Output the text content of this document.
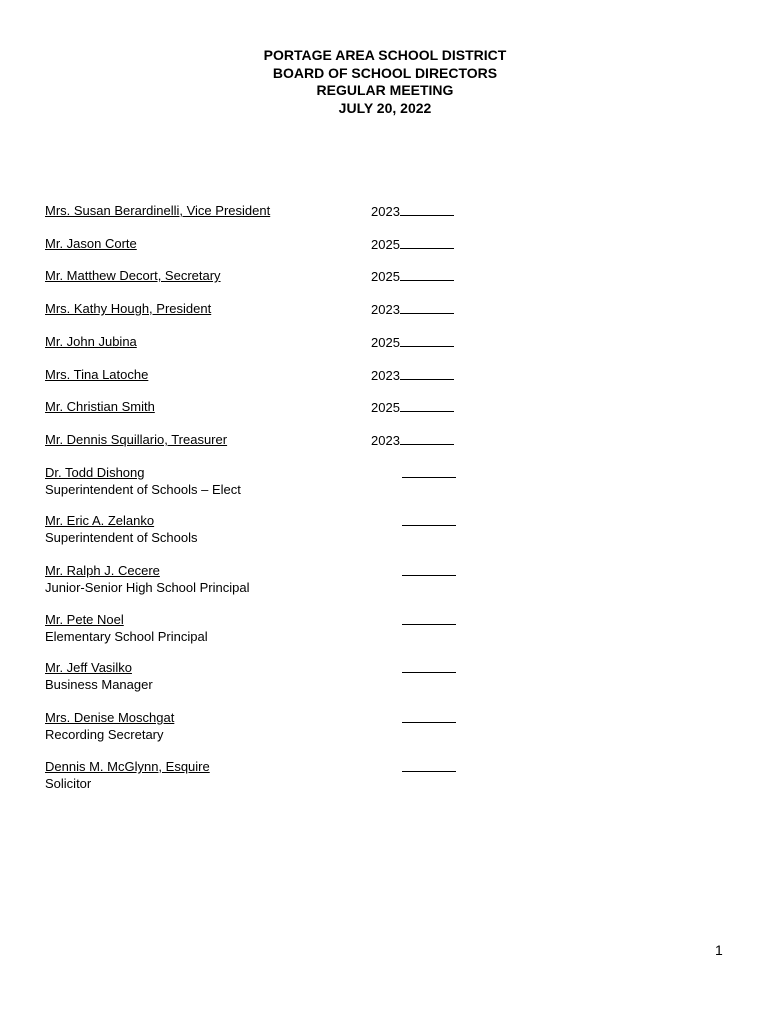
PORTAGE AREA SCHOOL DISTRICT
BOARD OF SCHOOL DIRECTORS
REGULAR MEETING
JULY 20, 2022
Mrs. Susan Berardinelli, Vice President	2023
Mr. Jason Corte	2025
Mr. Matthew Decort, Secretary	2025
Mrs. Kathy Hough, President	2023
Mr. John Jubina	2025
Mrs. Tina Latoche	2023
Mr. Christian Smith	2025
Mr. Dennis Squillario, Treasurer	2023
Dr. Todd Dishong
Superintendent of Schools – Elect
Mr. Eric A. Zelanko
Superintendent of Schools
Mr. Ralph J. Cecere
Junior-Senior High School Principal
Mr. Pete Noel
Elementary School Principal
Mr. Jeff Vasilko
Business Manager
Mrs. Denise Moschgat
Recording Secretary
Dennis M. McGlynn, Esquire
Solicitor
1
